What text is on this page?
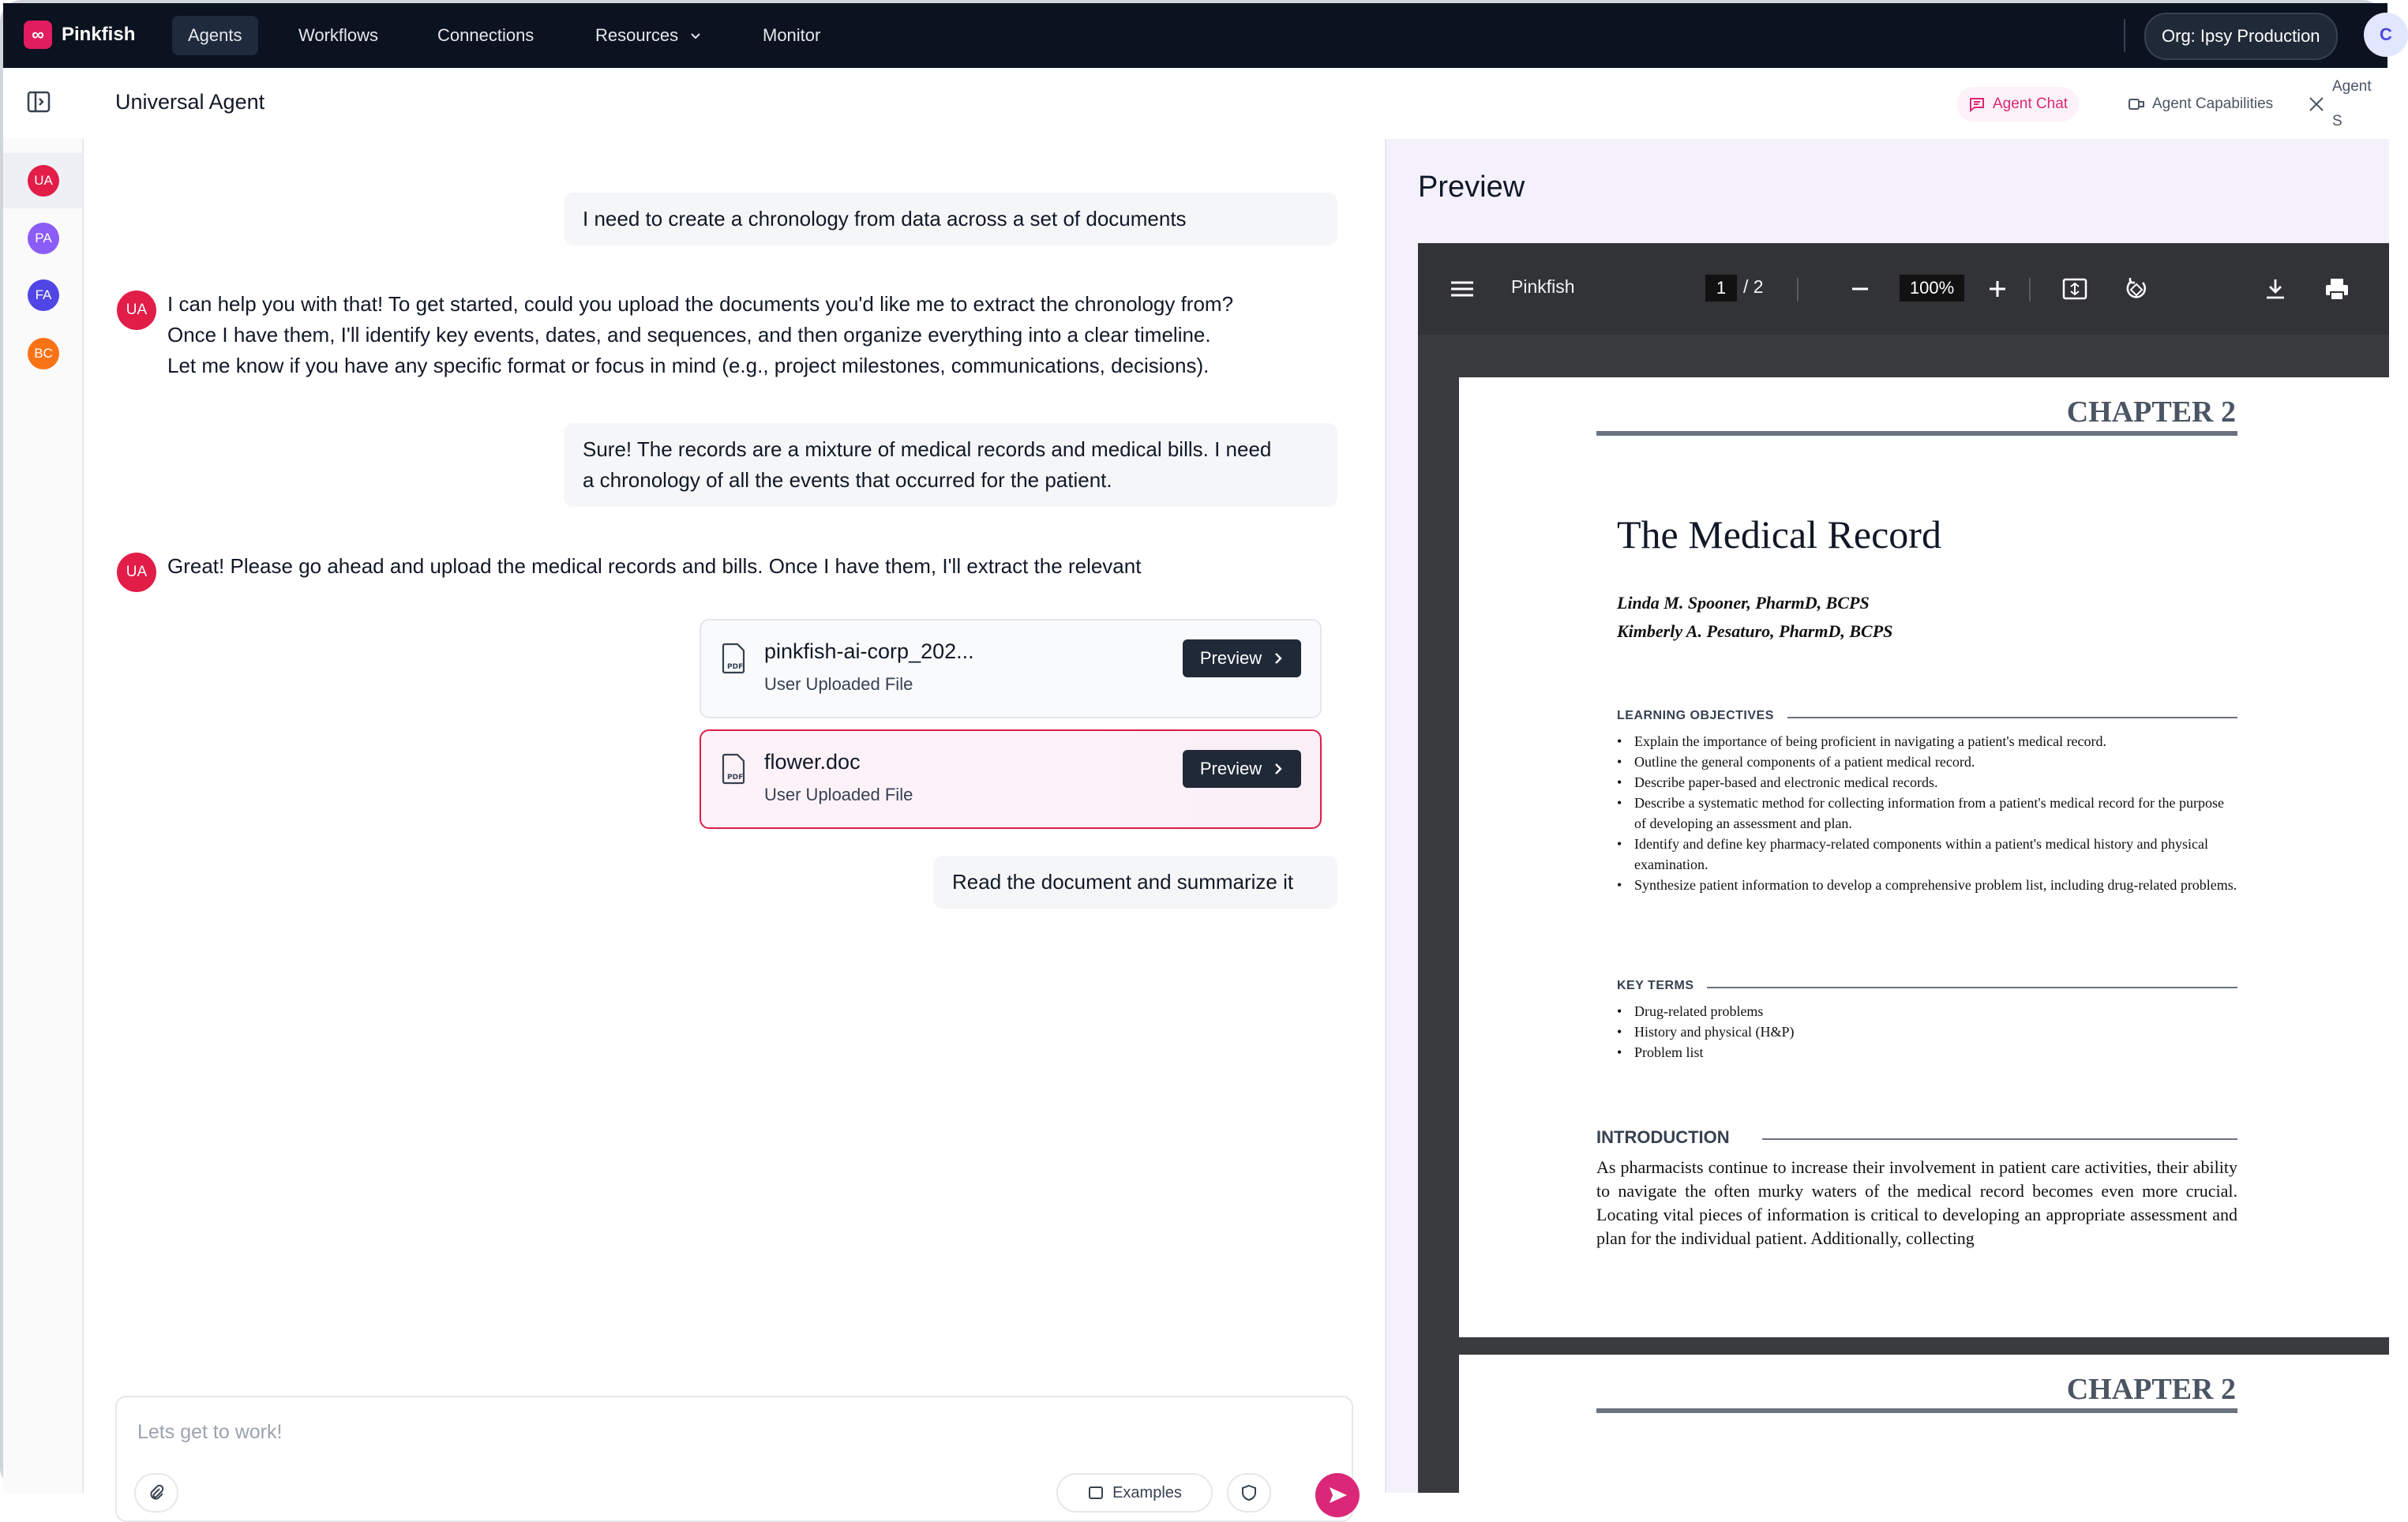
∞ Pinkfish	Agents	Workflows	Connections	Resources	Monitor	Org: Ipsy Production	C
Universal Agent	Agent Chat	Agent Capabilities
Agent S
UA
PA
FA
BC
I need to create a chronology from data across a set of documents
UA I can help you with that! To get started, could you upload the documents you'd like me to extract the chronology from?
Once I have them, I'll identify key events, dates, and sequences, and then organize everything into a clear timeline.
Let me know if you have any specific format or focus in mind (e.g., project milestones, communications, decisions).
Sure! The records are a mixture of medical records and medical bills. I need
a chronology of all the events that occurred for the patient.
UA Great! Please go ahead and upload the medical records and bills. Once I have them, I'll extract the relevant
PDF
pinkfish-ai-corp_202...
User Uploaded File
Preview
PDF
flower.doc
User Uploaded File
Preview
Read the document and summarize it
Lets get to work!
Examples
Preview
Pinkfish	1 / 2	100%
CHAPTER 2
The Medical Record
Linda M. Spooner, PharmD, BCPS
Kimberly A. Pesaturo, PharmD, BCPS
LEARNING OBJECTIVES
• Explain the importance of being proficient in navigating a patient's medical record.
• Outline the general components of a patient medical record.
• Describe paper-based and electronic medical records.
• Describe a systematic method for collecting information from a patient's medical record for the purpose of developing an assessment and plan.
• Identify and define key pharmacy-related components within a patient's medical history and physical examination.
• Synthesize patient information to develop a comprehensive problem list, including drug-related problems.
KEY TERMS
• Drug-related problems
• History and physical (H&P)
• Problem list
INTRODUCTION
As pharmacists continue to increase their involvement in patient care activities, their ability to navigate the often murky waters of the medical record becomes even more crucial. Locating vital pieces of information is critical to developing an appropriate assessment and plan for the individual patient. Additionally, collecting
CHAPTER 2
